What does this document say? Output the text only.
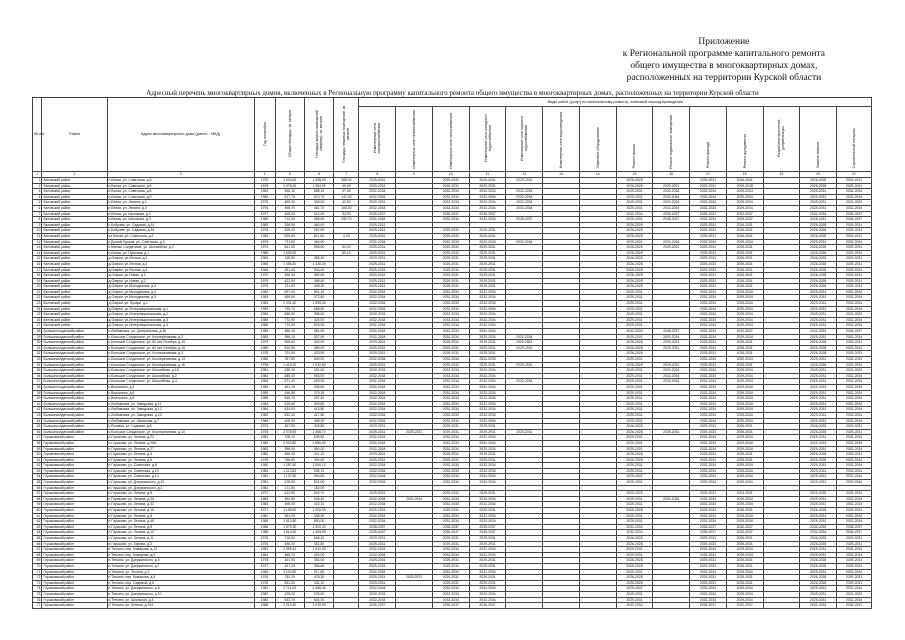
Приложение
к Региональной программе капитального ремонта
общего имущества в многоквартирных домах,
расположенных на территории Курской области
Адресный перечень многоквартирных домов, включенных в Региональную программу капитального ремонта общего имущества в многоквартирных домах, расположенных на территории Курской области
№ п/п	Район	Адрес многоквартирного дома (далее - МКД)	Год постройки	Общая площадь, кв. метров	Площадь жилых помещений (квартир), кв. метров	Площадь нежилых помещений, кв. метров	Виды работ (услуг) по капитальному ремонту, плановый период проведения													
							Инженерные сети электроснабжения	Инженерные сети теплоснабжения	Инженерные сети газоснабжения	Инженерные сети холодного водоснабжения	Инженерные сети горячего водоснабжения	Инженерные сети водоотведения	Лифтовое оборудование	Ремонт крыши	Ремонт подвальных помещений	Ремонт фасада	Ремонт фундамента	Разработка проектной документации	Замена лифтов	Строительный контроль
1	2	3	4	5	6	7	8	9	10	11	12	13	14	15	16	17	18	19	20	21
1	Беловский район	п.Белая, ул. Советская, д.5	1976	1 644,60	1 258,00	388,00	2029-2031		2029-2031	2029-2031	2029-2031			2026-2028		2029-2031	2026-2031		2026-2028	2029-2031
2	Беловский район	п.Белая, ул. Советская, д.6	1978	1 476,30	1 354,30	46,00	2029-2031		2029-2031	2029-2031				2026-2028	2029-2031	2029-2031	2026-2028		2026-2028	2029-2031
3	Беловский район	п.Белая, ул. Советская, д.8	1983	906,10	698,10	47,00	2032-2034		2032-2034	2032-2034	2032-2034			2029-2031	2032-2034	2032-2034	2029-2034		2029-2031	2032-2034
4	Беловский район	п.Белая, ул. Советская, д.9	1982	817,70	670,70	147,00	2032-2034		2032-2034	2032-2034	2032-2034			2029-2031	2032-2034	2032-2034	2029-2034		2029-2031	2032-2034
5	Беловский район	п.Белая, ул. Ленина, д.1	1975	456,30	339,00	42,50	2029-2031		2032-2034	2032-2034	2032-2034			2029-2031	2032-2034	2032-2034	2029-2034		2029-2031	2032-2034
6	Беловский район	п.Белая, ул. Ленина, д.3	1976	498,70	461,70	108,00	2032-2034		2032-2034	2032-2034	2032-2034			2029-2031	2032-2034	2032-2034	2029-2034		2029-2031	2032-2034
7	Беловский район	п.Белая, ул. Школьная, д.1	1977	408,00	314,00	94,00	2035-2037		2035-2037	2035-2037				2032-2034	2035-2037	2035-2037	2032-2037		2032-2034	2035-2037
8	Беловский район	п.Белая, ул. Школьная, д.2	1980	712,30	358,00	290,70	2032-2034		2032-2034	2032-2034	2035-2037			2029-2031	2035-2037	2032-2034	2029-2037		2029-2031	2035-2037
9	Беловский район	с.Бобрава, ул. Садовая, д.14	1983	336,90	360,00		2029-2031							2026-2028		2029-2031	2026-2031		2026-2028	2029-2031
10	Беловский район	с.Бобрава, ул. Садовая, д.16	1978	305,20	267,50		2029-2031		2029-2031	2029-2031				2026-2028		2029-2031	2026-2031		2026-2028	2029-2031
11	Беловский район	сл.Белая, ул. Советская, д.2	1983	829,60	611,60	0,00	2029-2031		2029-2031	2029-2031				2026-2028		2029-2031	2026-2031		2026-2028	2029-2031
12	Беловский район	с.Долгий Буерак, ул. Советская, д.3	1975	721,60	463,00		2032-2034		2032-2034	2032-2034	2032-2034			2029-2031	2032-2034	2032-2034	2029-2034		2029-2031	2032-2034
13	Беловский район	с.Малые Солдатские, ул. Шоссейная, д.2	1973	641,90	508,60	61,20	2029-2031		2029-2031	2029-2031				2026-2028	2029-2031	2029-2031	2026-2031		2026-2028	2029-2031
14	Беловский район	п.Белая, ул. Пушкина, д.1	1980	1 539,90		89,10	2029-2031		2029-2031	2029-2031				2026-2028		2029-2031	2026-2031		2026-2028	2029-2031
15	Беловский район	д.Озерки, ул.Лесная, д.2	1969	318,80	268,20		2029-2031		2029-2031	2029-2031				2026-2028		2029-2031	2026-2031		2026-2028	2029-2031
16	Беловский район	д.Озерки, ул.Лесная, д.3	1965	1 456,30	1 335,30		2029-2031		2029-2031	2029-2031				2026-2028		2029-2031	2026-2031		2026-2028	2029-2031
17	Беловский район	д.Озерки, ул.Лесная, д.4	1965	391,40	343,00		2029-2031		2029-2031	2029-2031				2026-2028		2029-2031	2026-2031		2026-2028	2029-2031
18	Беловский район	д.Озерки, ул.Новая, д.1	1970	456,30	392,00		2029-2031		2029-2031	2029-2031				2026-2028		2029-2031	2026-2031		2026-2028	2029-2031
19	Беловский район	д.Озерки, ул.Новая, д.2	1975	422,50	368,00		2029-2031		2029-2031	2029-2031				2026-2028		2029-2031	2026-2031		2026-2028	2029-2031
20	Беловский район	д.Озерки, ул.Молодежная, д.3	1976	721,80	408,30		2029-2031		2029-2031	2029-2031				2026-2028		2029-2031	2026-2031		2026-2028	2029-2031
21	Беловский район	д.Озерки, ул.Молодежная, д.4	1982	697,00	601,10		2032-2034		2032-2034	2032-2034				2029-2031		2032-2034	2029-2034		2029-2031	2032-2034
22	Беловский район	д.Озерки, ул.Молодежная, д.5	1983	659,50	372,60		2032-2034		2032-2034	2032-2034				2029-2031		2032-2034	2029-2034		2029-2031	2032-2034
23	Беловский район	д.Озерки, ул. Бухарь, д.1	1983	2 031,60	1 595,30		2032-2034		2032-2034	2032-2034				2029-2031		2032-2034	2029-2034		2029-2031	2032-2034
24	Беловский район	д.Озерки, ул.Интернациональная, д.1	1983	745,70	658,80		2032-2034		2032-2034	2032-2034				2029-2031		2032-2034	2029-2034		2029-2031	2032-2034
25	Беловский район	д.Озерки, ул.Интернациональная, д.2	1984	668,50	398,50		2032-2034		2032-2034	2032-2034				2029-2031		2032-2034	2029-2034		2029-2031	2032-2034
26	Беловский район	д.Озерки, ул.Интернациональная, д.3	1985	772,90	424,00		2032-2034		2032-2034	2032-2034				2029-2031		2032-2034	2029-2034		2029-2031	2032-2034
27	Беловский район	д.Озерки, ул.Интернациональная, д.4	1985	772,90	623,00		2032-2034		2032-2034	2032-2034				2029-2031		2032-2034	2029-2034		2029-2031	2032-2034
28	Большесолдатский район	с.Любимовка, ул. Центральная, д.38	1985	486,10	381,50		2032-2034		2032-2034	2032-2034				2032-2034	2035-2037	2032-2034	2032-2037		2032-2034	2035-2037
29	Большесолдатский район	с.Большое Солдатское, ул. Кооперативная, д.2	1983	585,10	527,90		2032-2034		2032-2034	2032-2034	2032-2034			2029-2031	2032-2034	2032-2034	2029-2034		2029-2031	2032-2034
30	Большесолдатский район	с.Большое Солдатское, ул. 60 лет Октября, д.15	1979	505,60	343,00		2029-2031		2029-2031	2029-2031	2029-2031			2026-2028	2029-2031	2029-2031	2026-2031		2026-2028	2029-2031
31	Большесолдатский район	с.Большое Солдатское, ул. 60 лет Октября, д.16	1980	510,90	450,00		2029-2031		2029-2031	2029-2031	2029-2031			2026-2028	2029-2031	2029-2031	2026-2031		2026-2028	2029-2031
32	Большесолдатский район	с.Большое Солдатское, ул. Кооперативная, д.3	1978	701,50	423,90		2029-2031		2029-2031	2029-2031				2026-2028		2029-2031	2026-2031		2026-2028	2029-2031
33	Большесолдатский район	с.Большое Солдатское, ул. Кооперативная, д.14	1982	787,90	640,00		2032-2034		2032-2034	2032-2034				2029-2031		2032-2034	2029-2034		2029-2031	2032-2034
34	Большесолдатский район	с.Большое Солдатское, ул. Кооперативная, д.16	1978	1 415,00	1 032,80		2029-2031		2029-2031	2029-2031	2029-2031			2026-2028	2029-2031	2029-2031	2026-2031		2026-2028	2029-2031
35	Большесолдатский район	с.Большое Солдатское, ул. Шоссейная, д.1А	1981	538,10	431,50		2032-2034		2032-2034	2032-2034				2029-2031	2032-2034	2032-2034	2029-2034		2029-2031	2032-2034
36	Большесолдатский район	с.Большое Солдатское, ул. Шоссейная, д.2	1983	685,40	553,00		2032-2034		2032-2034	2032-2034				2029-2031	2032-2034	2032-2034	2029-2034		2029-2031	2032-2034
37	Большесолдатский район	с.Большое Солдатское, ул. Шоссейная, д.3	1984	671,40	629,00		2032-2034		2032-2034	2032-2034	2032-2034			2029-2031	2032-2034	2032-2034	2029-2034		2029-2031	2032-2034
38	Большесолдатский район	с.Волоконск, д.3	1984	461,15	305,60		2032-2034		2032-2034	2032-2034				2029-2031		2032-2034	2029-2034		2029-2031	2032-2034
39	Большесолдатский район	с.Волоконск, д.5	1985	446,85	379,35		2032-2034		2032-2034	2032-2034				2029-2031		2032-2034	2029-2034		2029-2031	2032-2034
40	Большесолдатский район	с.Волоконск, д.6	1985	546,70	267,40		2032-2034		2032-2034	2032-2034				2029-2031		2032-2034	2029-2034		2029-2031	2032-2034
41	Большесолдатский район	с.Любимовка, ул. Заводская, д.11	1983	518,60	309,80		2032-2034		2032-2034	2032-2034				2029-2031		2032-2034	2029-2034		2029-2031	2032-2034
42	Большесолдатский район	с.Любимовка, ул. Заводская, д.12	1984	434,00	413,80		2032-2034		2032-2034	2032-2034				2029-2031		2032-2034	2029-2034		2029-2031	2032-2034
43	Большесолдатский район	с.Любимовка, ул. Заводская, д.13	1982	632,00	417,50		2032-2034		2032-2034	2032-2034				2029-2031		2032-2034	2029-2034		2029-2031	2032-2034
44	Большесолдатский район	с.Любимовка, ул. Школьная, д.7	1984	406,30	406,30		2032-2034		2032-2034	2032-2034				2029-2031		2032-2034	2029-2034		2029-2031	2032-2034
45	Большесолдатский район	с.Розовка, ул. Садовая, д.8	1973	457,90	403,50		2029-2031		2029-2031	2029-2031				2026-2028		2029-2031	2026-2031		2026-2028	2029-2031
46	Большесолдатский район	с.Большое Солдатское, ул. Кооперативная, д.10	1975	2 078,90	1 668,70		2029-2031	2029-2031	2029-2031	2029-2031	2029-2031			2026-2028	2029-2031	2029-2031	2026-2031		2026-2028	2029-2031
47	Глушковский район	п.Глушково, ул. Ленина, д.23	1981	708,10	636,60		2032-2034		2032-2034	2032-2034				2029-2031		2032-2034	2029-2034		2029-2031	2032-2034
48	Глушковский район	п.Глушково, ул. Ленина, д.25А	1982	2 033,80	1 850,00		2032-2034		2032-2034	2032-2034				2029-2031		2032-2034	2029-2034		2029-2031	2032-2034
49	Глушковский район	п.Глушково, ул. Ленина, д.27	1983	398,00	350,00		2032-2034		2032-2034	2032-2034				2029-2031		2032-2034	2029-2034		2029-2031	2032-2034
50	Глушковский район	п.Глушково, ул. Ленина, д.4	1980	466,40	421,10		2029-2031		2029-2031	2029-2031				2026-2028		2029-2031	2026-2031		2026-2028	2029-2031
51	Глушковский район	п.Глушково, ул. Ленина, д.6	1978	768,60	494,00		2029-2031		2029-2031	2029-2031				2026-2028		2029-2031	2026-2031		2026-2028	2029-2031
52	Глушковский район	п.Глушково, ул. Советская, д.8	1980	1 287,80	1 040,10		2032-2034		2032-2034	2032-2034				2029-2031		2032-2034	2029-2034		2029-2031	2032-2034
53	Глушковский район	п.Глушково, ул. Советская, д.10	1984	1 112,80	935,10		2032-2034		2032-2034	2032-2034				2029-2031		2032-2034	2029-2034		2029-2031	2032-2034
54	Глушковский район	п.Глушково, ул. Советская, д.14	1981	1 137,60	940,80		2032-2034		2032-2034	2032-2034				2029-2031		2032-2034	2029-2034		2029-2031	2032-2034
55	Глушковский район	п.Глушково, ул. Дзержинского, д.22	1981	678,60	601,00		2032-2034		2032-2034	2032-2034				2029-2031		2032-2034	2029-2034		2029-2031	2032-2034
56	Глушковский район	п.Глушково, ул. Дзержинского, д.2	1982	171,50	152,00															
57	Глушковский район	п.Глушково, ул. Ленина, д.8	1972	612,90	542,70		2029-2031		2029-2031	2029-2031				2023-2025		2029-2031	2023-2031		2023-2025	2029-2031
58	Глушковский район	п.Глушково, ул. Ленина, д.30	1983	592,60	506,40		2032-2034	2032-2034	2032-2034	2032-2034				2029-2031	2032-2034	2032-2034	2029-2034		2029-2031	2032-2034
59	Глушковский район	п.Глушково, ул. Ленина, д.32	1983	498,00	415,10		2032-2034		2032-2034	2032-2034				2029-2031		2032-2034	2029-2034		2029-2031	2032-2034
60	Глушковский район	п.Глушково, ул. Ленина, д.16	1977	1 158,90	1 008,90		2029-2031		2029-2031	2029-2031				2026-2028		2029-2031	2026-2031		2026-2028	2029-2031
61	Глушковский район	п.Глушково, ул. Ленина, д.8	1981	381,00	338,30		2032-2034		2032-2034	2032-2034				2029-2031		2032-2034	2029-2034		2029-2031	2032-2034
62	Глушковский район	п.Глушково, ул. Ленина, д.48	1985	1 012,80	890,00		2032-2034		2032-2034	2032-2034				2029-2031		2032-2034	2029-2034		2029-2031	2032-2034
63	Глушковский район	п.Глушково, ул. Ленина, д.5	1986	1 879,30	1 520,20		2035-2037		2035-2037	2035-2037				2032-2034		2035-2037	2032-2037		2032-2034	2035-2037
64	Глушковский район	п.Глушково, ул. Ленина, д.10	1986	1 813,90	1 453,90		2035-2037		2035-2037	2035-2037				2032-2034		2035-2037	2032-2037		2032-2034	2035-2037
65	Глушковский район	п.Глушково, ул. Ленина, д.11	1976	718,80	648,10		2029-2031		2029-2031	2029-2031				2026-2028		2029-2031	2026-2031		2026-2028	2029-2031
66	Глушковский район	п.Глушково, ул. Кирова, д.3	1976	498,00	452,80		2029-2031		2029-2031	2029-2031				2026-2028		2029-2031	2026-2031		2026-2028	2029-2031
67	Глушковский район	п.Теткино, пер. Комарова, д.10	1981	1 959,40	1 510,00		2032-2034		2032-2034	2032-2034				2029-2031		2032-2034	2029-2034		2029-2031	2032-2034
68	Глушковский район	п.Теткино, пер. Комарова, д.9	1981	468,70	424,00		2032-2034		2032-2034	2032-2034				2029-2031		2032-2034	2029-2034		2029-2031	2032-2034
69	Глушковский район	п.Теткино, ул. Дзержинского, д.5	1978	401,90	354,00		2029-2031		2029-2031	2029-2031				2026-2028		2029-2031	2026-2031		2026-2028	2029-2031
70	Глушковский район	п.Теткино, ул. Дзержинского, д.7	1977	427,20	396,80		2029-2031		2029-2031	2029-2031				2026-2028		2029-2031	2026-2031		2026-2028	2029-2031
71	Глушковский район	п.Теткино, ул. Ленина, д.2	1984	1 104,50	917,80		2032-2034		2032-2034	2032-2034				2029-2031		2032-2034	2029-2034		2029-2031	2032-2034
72	Глушковский район	п.Теткино, пер. Комарова, д.5	1976	752,10	478,30		2029-2031	2029-2031	2029-2031	2029-2031				2026-2028		2029-2031	2026-2031		2026-2028	2029-2031
73	Глушковский район	п.Теткино, пер. Садовый, д.8	1978	531,00	431,10		2029-2031		2029-2031	2029-2031				2026-2028		2029-2031	2026-2031		2026-2028	2029-2031
74	Глушковский район	п.Теткино, ул. Дзержинского, д.8	1981	2 711,00	2 288,40		2032-2034		2032-2034	2032-2034				2029-2031		2032-2034	2029-2034		2029-2031	2032-2034
75	Глушковский район	п.Теткино, ул. Дзержинского, д.10	1982	429,00	376,00		2032-2034		2032-2034	2032-2034				2029-2031		2032-2034	2029-2034		2029-2031	2032-2034
76	Глушковский район	п.Теткино, ул. Школьная, д.4	1983	643,70	544,30		2032-2034		2032-2034	2032-2034				2029-2031		2032-2034	2029-2034		2029-2031	2032-2034
77	Глушковский район	п.Теткино, ул. Ленина, д.104	1986	1 215,30	1 078,90		2035-2037		2035-2037	2035-2037				2032-2034		2035-2037	2032-2037		2032-2034	2035-2037
